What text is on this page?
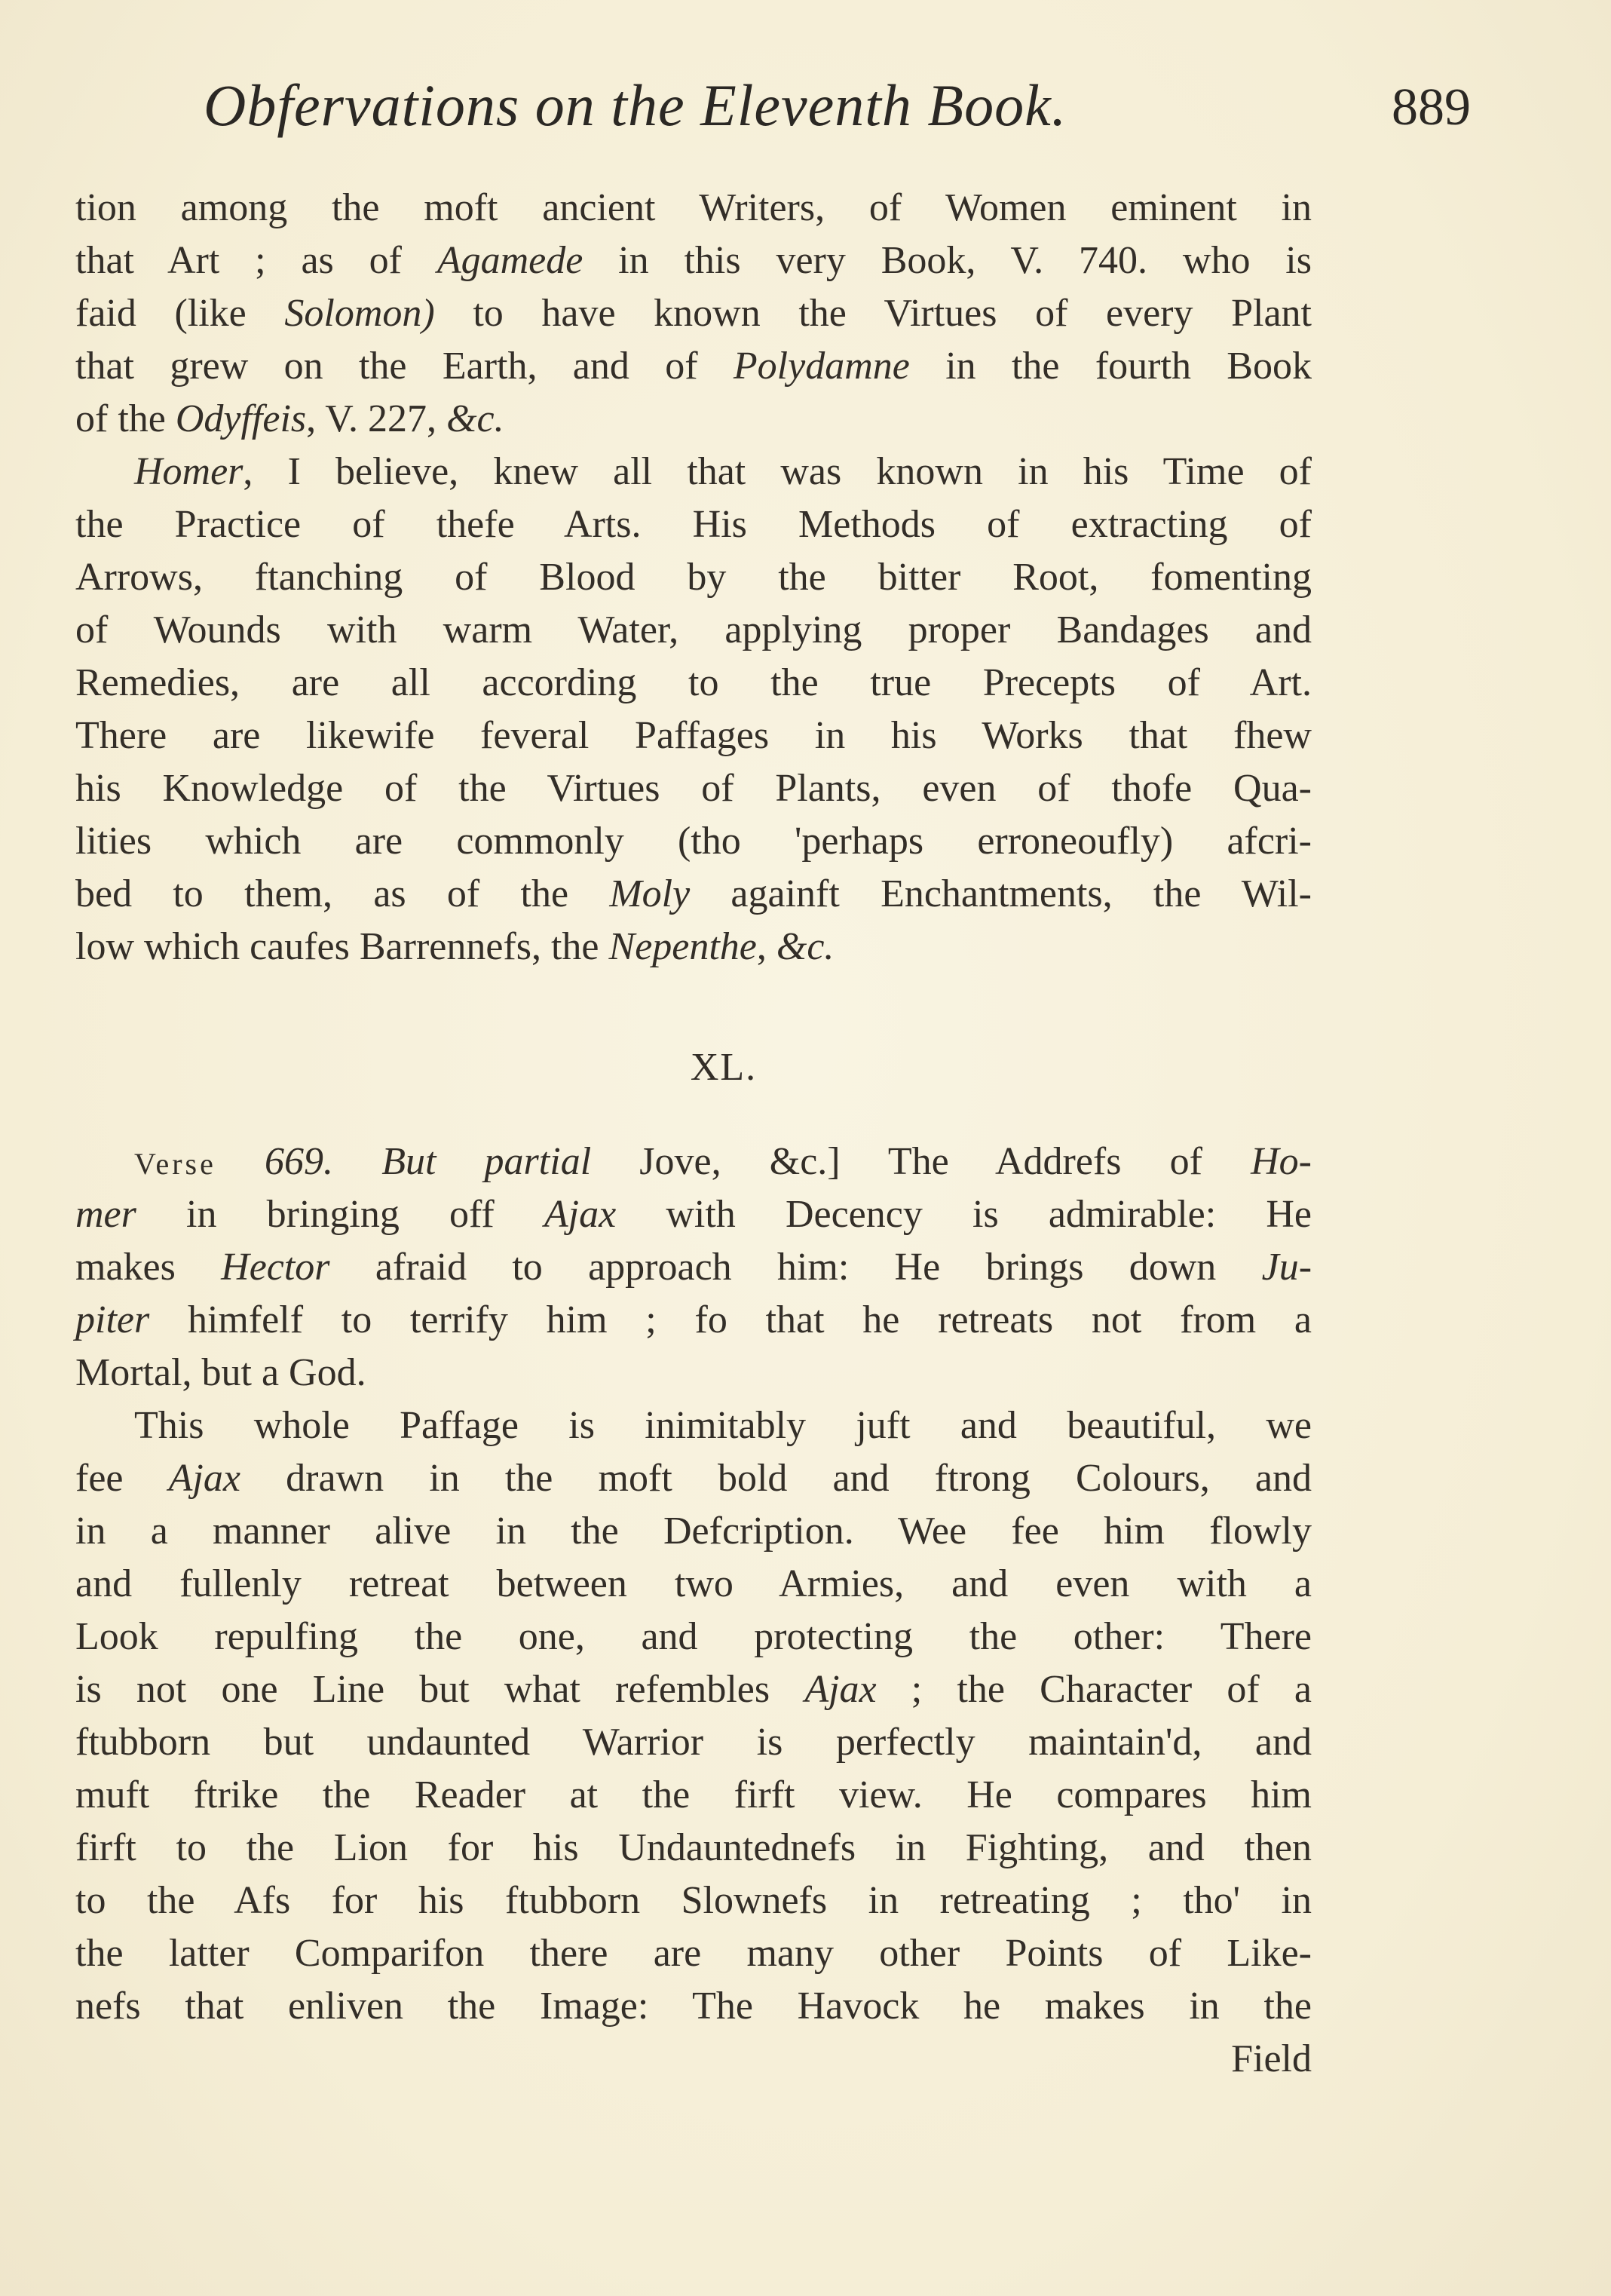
Obfervations on the Eleventh Book.	889
tion among the moft ancient Writers, of Women eminent in
that Art ; as of Agamede in this very Book, V. 740. who is
faid (like Solomon) to have known the Virtues of every Plant
that grew on the Earth, and of Polydamne in the fourth Book
of the Odyffeis, V. 227, &c.
Homer, I believe, knew all that was known in his Time of
the Practice of thefe Arts. His Methods of extracting of
Arrows, ftanching of Blood by the bitter Root, fomenting
of Wounds with warm Water, applying proper Bandages and
Remedies, are all according to the true Precepts of Art.
There are likewife feveral Paffages in his Works that fhew
his Knowledge of the Virtues of Plants, even of thofe Qua-
lities which are commonly (tho 'perhaps erroneoufly) afcri-
bed to them, as of the Moly againft Enchantments, the Wil-
low which caufes Barrennefs, the Nepenthe, &c.
XL.
Verse 669. But partial Jove, &c.] The Addrefs of Ho-
mer in bringing off Ajax with Decency is admirable: He
makes Hector afraid to approach him: He brings down Ju-
piter himfelf to terrify him ; fo that he retreats not from a
Mortal, but a God.
This whole Paffage is inimitably juft and beautiful, we
fee Ajax drawn in the moft bold and ftrong Colours, and
in a manner alive in the Defcription. Wee fee him flowly
and fullenly retreat between two Armies, and even with a
Look repulfing the one, and protecting the other: There
is not one Line but what refembles Ajax ; the Character of a
ftubborn but undaunted Warrior is perfectly maintain'd, and
muft ftrike the Reader at the firft view. He compares him
firft to the Lion for his Undauntednefs in Fighting, and then
to the Afs for his ftubborn Slownefs in retreating ; tho' in
the latter Comparifon there are many other Points of Like-
nefs that enliven the Image: The Havock he makes in the
Field
